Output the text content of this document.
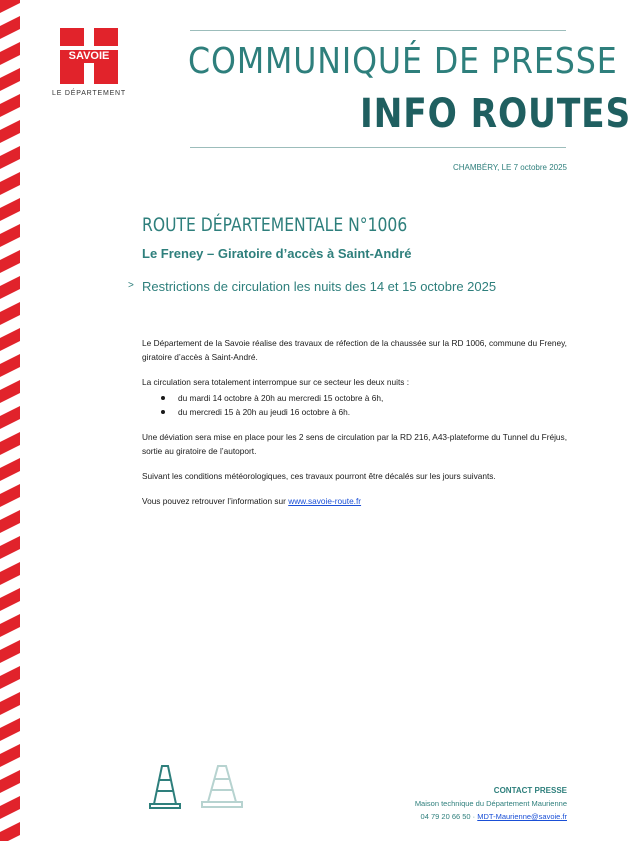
SAVOIE
LE DÉPARTEMENT
COMMUNIQUÉ DE PRESSE
INFO ROUTES
CHAMBÉRY, LE 7 octobre 2025
ROUTE DÉPARTEMENTALE N°1006
Le Freney – Giratoire d’accès à Saint-André
> Restrictions de circulation les nuits des 14 et 15 octobre 2025

Le Département de la Savoie réalise des travaux de réfection de la chaussée sur la RD 1006, commune du Freney, giratoire d’accès à Saint-André.

La circulation sera totalement interrompue sur ce secteur les deux nuits :

du mardi 14 octobre à 20h au mercredi 15 octobre à 6h,
du mercredi 15 à 20h au jeudi 16 octobre à 6h.

Une déviation sera mise en place pour les 2 sens de circulation par la RD 216, A43-plateforme du Tunnel du Fréjus, sortie au giratoire de l’autoport.

Suivant les conditions météorologiques, ces travaux pourront être décalés sur les jours suivants.

Vous pouvez retrouver l’information sur www.savoie-route.fr

CONTACT PRESSE
Maison technique du Département Maurienne
04 79 20 66 50 · MDT-Maurienne@savoie.fr
